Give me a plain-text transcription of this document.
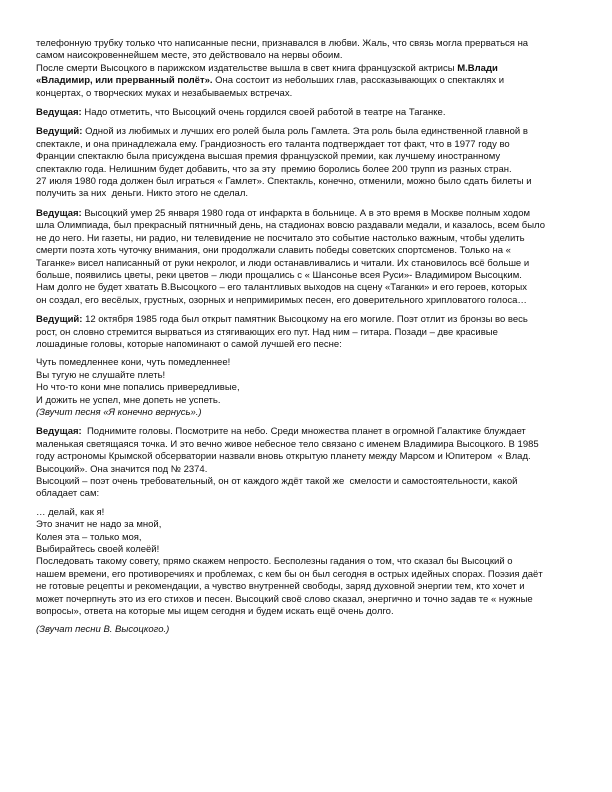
телефонную трубку только что написанные песни, признавался в любви. Жаль, что связь могла прерваться на
самом наисокровеннейшем месте, это действовало на нервы обоим.
После смерти Высоцкого в парижском издательстве вышла в свет книга французской актрисы М.Влади
«Владимир, или прерванный полёт». Она состоит из небольших глав, рассказывающих о спектаклях и
концертах, о творческих муках и незабываемых встречах.
Ведущая: Надо отметить, что Высоцкий очень гордился своей работой в театре на Таганке.
Ведущий: Одной из любимых и лучших его ролей была роль Гамлета. Эта роль была единственной главной в
спектакле, и она принадлежала ему. Грандиозность его таланта подтверждает тот факт, что в 1977 году во
Франции спектаклю была присуждена высшая премия французской премии, как лучшему иностранному
спектаклю года. Нелишним будет добавить, что за эту  премию боролись более 200 трупп из разных стран.
27 июля 1980 года должен был играться « Гамлет». Спектакль, конечно, отменили, можно было сдать билеты и
получить за них  деньги. Никто этого не сделал.
Ведущая: Высоцкий умер 25 января 1980 года от инфаркта в больнице. А в это время в Москве полным ходом
шла Олимпиада, был прекрасный пятничный день, на стадионах вовсю раздавали медали, и казалось, всем было
не до него. Ни газеты, ни радио, ни телевидение не посчитало это событие настолько важным, чтобы уделить
смерти поэта хоть чуточку внимания, они продолжали славить победы советских спортсменов. Только на «
Таганке» висел написанный от руки некролог, и люди останавливались и читали. Их становилось всё больше и
больше, появились цветы, реки цветов – люди прощались с « Шансонье всея Руси»- Владимиром Высоцким.
Нам долго не будет хватать В.Высоцкого – его талантливых выходов на сцену «Таганки» и его героев, которых
он создал, его весёлых, грустных, озорных и непримиримых песен, его доверительного хрипловатого голоса…
Ведущий: 12 октября 1985 года был открыт памятник Высоцкому на его могиле. Поэт отлит из бронзы во весь
рост, он словно стремится вырваться из стягивающих его пут. Над ним – гитара. Позади – две красивые
лошадиные головы, которые напоминают о самой лучшей его песне:
Чуть помедленнее кони, чуть помедленнее!
Вы тугую не слушайте плеть!
Но что-то кони мне попались привередливые,
И дожить не успел, мне допеть не успеть.
(Звучит песня «Я конечно вернусь».)
Ведущая:  Поднимите головы. Посмотрите на небо. Среди множества планет в огромной Галактике блуждает
маленькая светящаяся точка. И это вечно живое небесное тело связано с именем Владимира Высоцкого. В 1985
году астрономы Крымской обсерватории назвали вновь открытую планету между Марсом и Юпитером  « Влад.
Высоцкий». Она значится под № 2374.
Высоцкий – поэт очень требовательный, он от каждого ждёт такой же  смелости и самостоятельности, какой
обладает сам:
… делай, как я!
Это значит не надо за мной,
Колея эта – только моя,
Выбирайтесь своей колеёй!
Последовать такому совету, прямо скажем непросто. Бесполезны гадания о том, что сказал бы Высоцкий о
нашем времени, его противоречиях и проблемах, с кем бы он был сегодня в острых идейных спорах. Поэзия даёт
не готовые рецепты и рекомендации, а чувство внутренней свободы, заряд духовной энергии тем, кто хочет и
может почерпнуть это из его стихов и песен. Высоцкий своё слово сказал, энергично и точно задав те « нужные
вопросы», ответа на которые мы ищем сегодня и будем искать ещё очень долго.
(Звучат песни В. Высоцкого.)
